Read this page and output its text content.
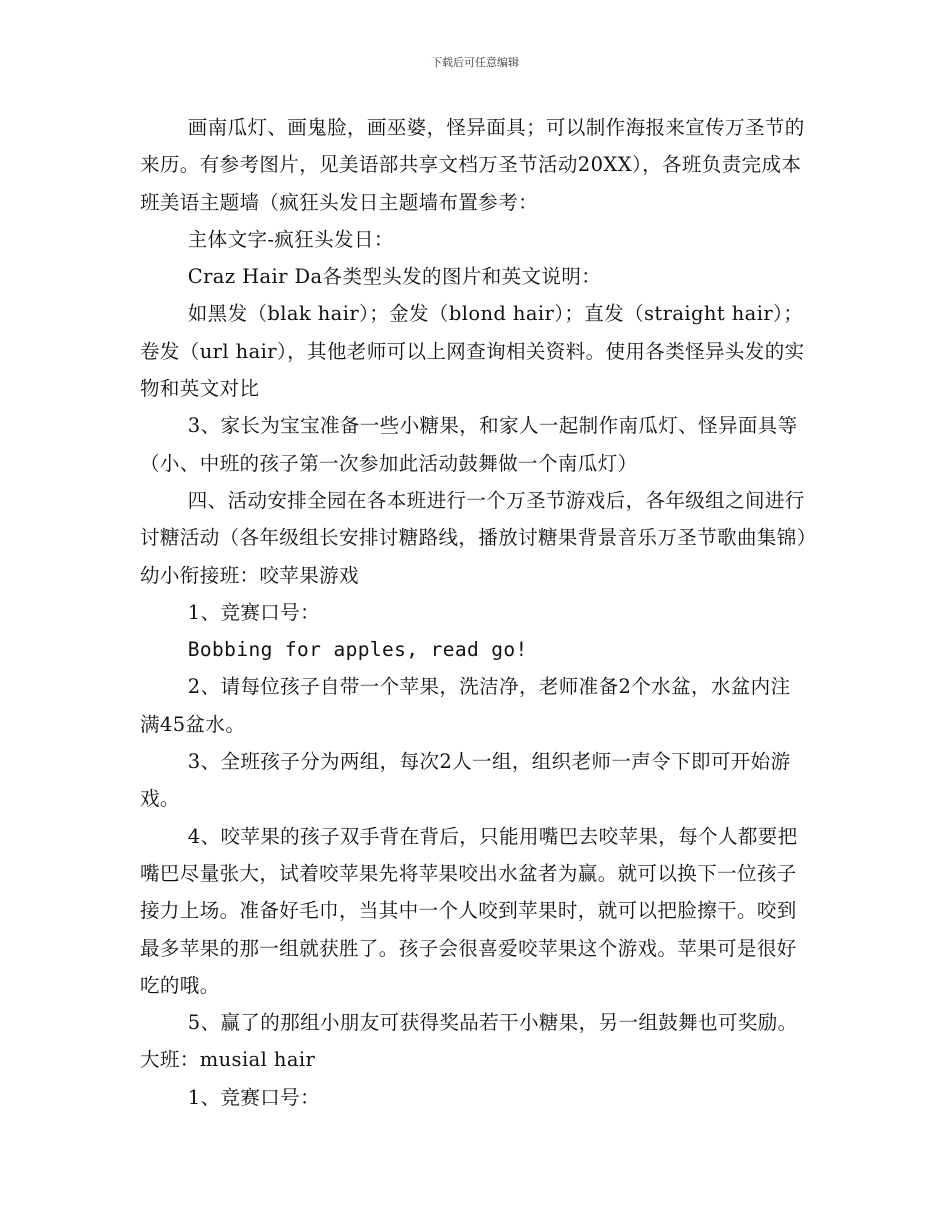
下载后可任意编辑

画南瓜灯、画鬼脸，画巫婆，怪异面具；可以制作海报来宣传万圣节的来历。有参考图片，见美语部共享文档万圣节活动20XX），各班负责完成本班美语主题墙（疯狂头发日主题墙布置参考：

主体文字-疯狂头发日：

Craz Hair Da各类型头发的图片和英文说明：

如黑发（blak hair）；金发（blond hair）；直发（straight hair）；卷发（url hair），其他老师可以上网查询相关资料。使用各类怪异头发的实物和英文对比

3、家长为宝宝准备一些小糖果，和家人一起制作南瓜灯、怪异面具等（小、中班的孩子第一次参加此活动鼓舞做一个南瓜灯）

四、活动安排全园在各本班进行一个万圣节游戏后，各年级组之间进行讨糖活动（各年级组长安排讨糖路线，播放讨糖果背景音乐万圣节歌曲集锦）幼小衔接班：咬苹果游戏

1、竞赛口号：

Bobbing for apples, read go!

2、请每位孩子自带一个苹果，洗洁净，老师准备2个水盆，水盆内注满45盆水。

3、全班孩子分为两组，每次2人一组，组织老师一声令下即可开始游戏。

4、咬苹果的孩子双手背在背后，只能用嘴巴去咬苹果，每个人都要把嘴巴尽量张大，试着咬苹果先将苹果咬出水盆者为赢。就可以换下一位孩子接力上场。准备好毛巾，当其中一个人咬到苹果时，就可以把脸擦干。咬到最多苹果的那一组就获胜了。孩子会很喜爱咬苹果这个游戏。苹果可是很好吃的哦。

5、赢了的那组小朋友可获得奖品若干小糖果，另一组鼓舞也可奖励。大班：musial hair

1、竞赛口号：
